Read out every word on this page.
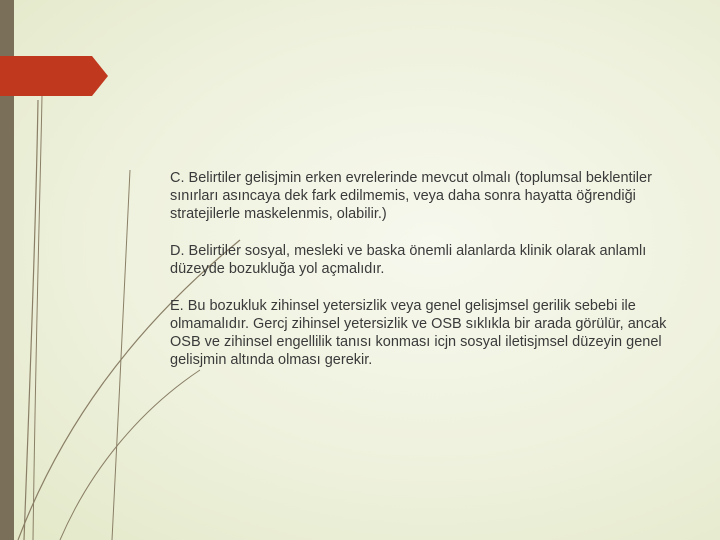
C. Belirtiler gelisjmin erken evrelerinde mevcut olmalı (toplumsal beklentiler sınırları asıncaya dek fark edilmemis, veya daha sonra hayatta öğrendiği stratejilerle maskelenmis, olabilir.)

D. Belirtiler sosyal, mesleki ve baska önemli alanlarda klinik olarak anlamlı düzeyde bozukluğa yol açmalıdır.

E. Bu bozukluk zihinsel yetersizlik veya genel gelisjmsel gerilik sebebi ile olmamalıdır. Gercj zihinsel yetersizlik ve OSB sıklıkla bir arada görülür, ancak OSB ve zihinsel engellilik tanısı konması icjn sosyal iletisjmsel düzeyin genel gelisjmin altında olması gerekir.
